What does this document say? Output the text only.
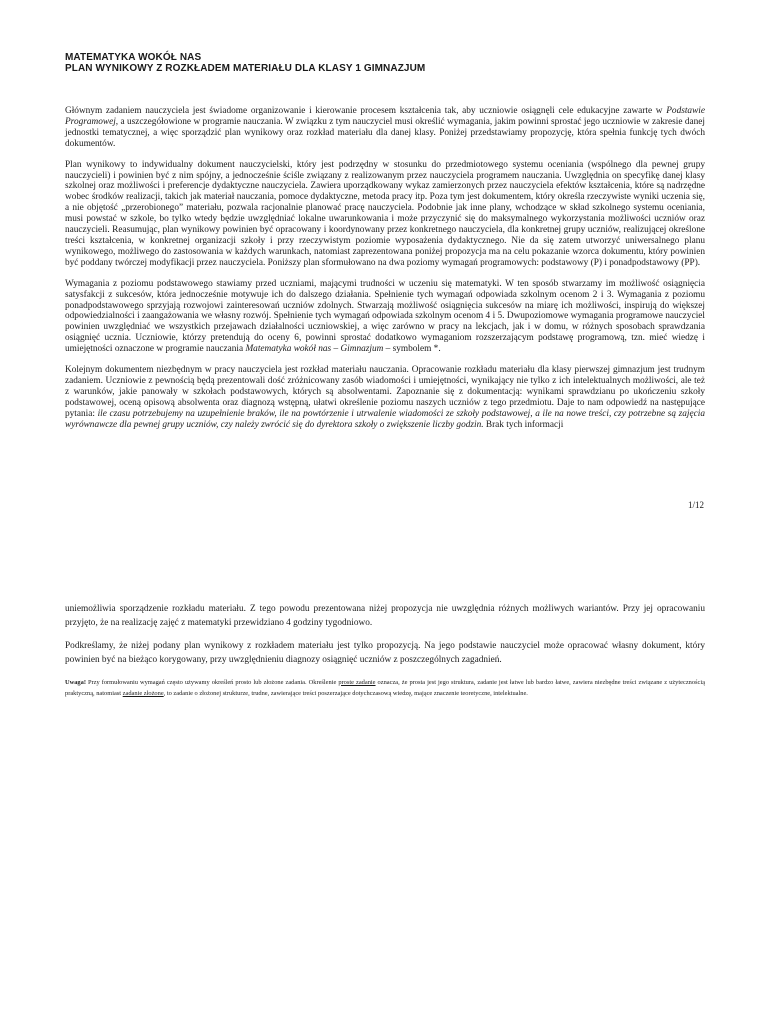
MATEMATYKA WOKÓŁ NAS

PLAN WYNIKOWY Z ROZKŁADEM MATERIAŁU DLA KLASY 1 GIMNAZJUM

Głównym zadaniem nauczyciela jest świadome organizowanie i kierowanie procesem kształcenia tak, aby uczniowie osiągnęli cele edukacyjne zawarte w Podstawie Programowej, a uszczegółowione w programie nauczania. W związku z tym nauczyciel musi określić wymagania, jakim powinni sprostać jego uczniowie w zakresie danej jednostki tematycznej, a więc sporządzić plan wynikowy oraz rozkład materiału dla danej klasy. Poniżej przedstawiamy propozycję, która spełnia funkcję tych dwóch dokumentów.

Plan wynikowy to indywidualny dokument nauczycielski, który jest podrzędny w stosunku do przedmiotowego systemu oceniania (wspólnego dla pewnej grupy nauczycieli) i powinien być z nim spójny, a jednocześnie ściśle związany z realizowanym przez nauczyciela programem nauczania. Uwzględnia on specyfikę danej klasy szkolnej oraz możliwości i preferencje dydaktyczne nauczyciela. Zawiera uporządkowany wykaz zamierzonych przez nauczyciela efektów kształcenia, które są nadrzędne wobec środków realizacji, takich jak materiał nauczania, pomoce dydaktyczne, metoda pracy itp. Poza tym jest dokumentem, który określa rzeczywiste wyniki uczenia się, a nie objętość „przerobionego” materiału, pozwala racjonalnie planować pracę nauczyciela. Podobnie jak inne plany, wchodzące w skład szkolnego systemu oceniania, musi powstać w szkole, bo tylko wtedy będzie uwzględniać lokalne uwarunkowania i może przyczynić się do maksymalnego wykorzystania możliwości uczniów oraz nauczycieli. Reasumując, plan wynikowy powinien być opracowany i koordynowany przez konkretnego nauczyciela, dla konkretnej grupy uczniów, realizującej określone treści kształcenia, w konkretnej organizacji szkoły i przy rzeczywistym poziomie wyposażenia dydaktycznego. Nie da się zatem utworzyć uniwersalnego planu wynikowego, możliwego do zastosowania w każdych warunkach, natomiast zaprezentowana poniżej propozycja ma na celu pokazanie wzorca dokumentu, który powinien być poddany twórczej modyfikacji przez nauczyciela. Poniższy plan sformułowano na dwa poziomy wymagań programowych: podstawowy (P) i ponadpodstawowy (PP).

Wymagania z poziomu podstawowego stawiamy przed uczniami, mającymi trudności w uczeniu się matematyki. W ten sposób stwarzamy im możliwość osiągnięcia satysfakcji z sukcesów, która jednocześnie motywuje ich do dalszego działania. Spełnienie tych wymagań odpowiada szkolnym ocenom 2 i 3. Wymagania z poziomu ponadpodstawowego sprzyjają rozwojowi zainteresowań uczniów zdolnych. Stwarzają możliwość osiągnięcia sukcesów na miarę ich możliwości, inspirują do większej odpowiedzialności i zaangażowania we własny rozwój. Spełnienie tych wymagań odpowiada szkolnym ocenom 4 i 5. Dwupoziomowe wymagania programowe nauczyciel powinien uwzględniać we wszystkich przejawach działalności uczniowskiej, a więc zarówno w pracy na lekcjach, jak i w domu, w różnych sposobach sprawdzania osiągnięć ucznia. Uczniowie, którzy pretendują do oceny 6, powinni sprostać dodatkowo wymaganiom rozszerzającym podstawę programową, tzn. mieć wiedzę i umiejętności oznaczone w programie nauczania Matematyka wokół nas – Gimnazjum – symbolem *.

Kolejnym dokumentem niezbędnym w pracy nauczyciela jest rozkład materiału nauczania. Opracowanie rozkładu materiału dla klasy pierwszej gimnazjum jest trudnym zadaniem. Uczniowie z pewnością będą prezentowali dość zróżnicowany zasób wiadomości i umiejętności, wynikający nie tylko z ich intelektualnych możliwości, ale też z warunków, jakie panowały w szkołach podstawowych, których są absolwentami. Zapoznanie się z dokumentacją: wynikami sprawdzianu po ukończeniu szkoły podstawowej, oceną opisową absolwenta oraz diagnozą wstępną, ułatwi określenie poziomu naszych uczniów z tego przedmiotu. Daje to nam odpowiedź na następujące pytania: ile czasu potrzebujemy na uzupełnienie braków, ile na powtórzenie i utrwalenie wiadomości ze szkoły podstawowej, a ile na nowe treści, czy potrzebne są zajęcia wyrównawcze dla pewnej grupy uczniów, czy należy zwrócić się do dyrektora szkoły o zwiększenie liczby godzin. Brak tych informacji

1/12

uniemożliwia sporządzenie rozkładu materiału. Z tego powodu prezentowana niżej propozycja nie uwzględnia różnych możliwych wariantów. Przy jej opracowaniu przyjęto, że na realizację zajęć z matematyki przewidziano 4 godziny tygodniowo.

Podkreślamy, że niżej podany plan wynikowy z rozkładem materiału jest tylko propozycją. Na jego podstawie nauczyciel może opracować własny dokument, który powinien być na bieżąco korygowany, przy uwzględnieniu diagnozy osiągnięć uczniów z poszczególnych zagadnień.

Uwaga! Przy formułowaniu wymagań często używamy określeń prosto lub złożone zadania. Określenie proste zadanie oznacza, że prosta jest jego struktura, zadanie jest łatwe lub bardzo łatwe, zawiera niezbędne treści związane z użytecznością praktyczną, natomiast zadanie złożone, to zadanie o złożonej strukturze, trudne, zawierające treści poszerzające dotychczasową wiedzę, mające znaczenie teoretyczne, intelektualne.
